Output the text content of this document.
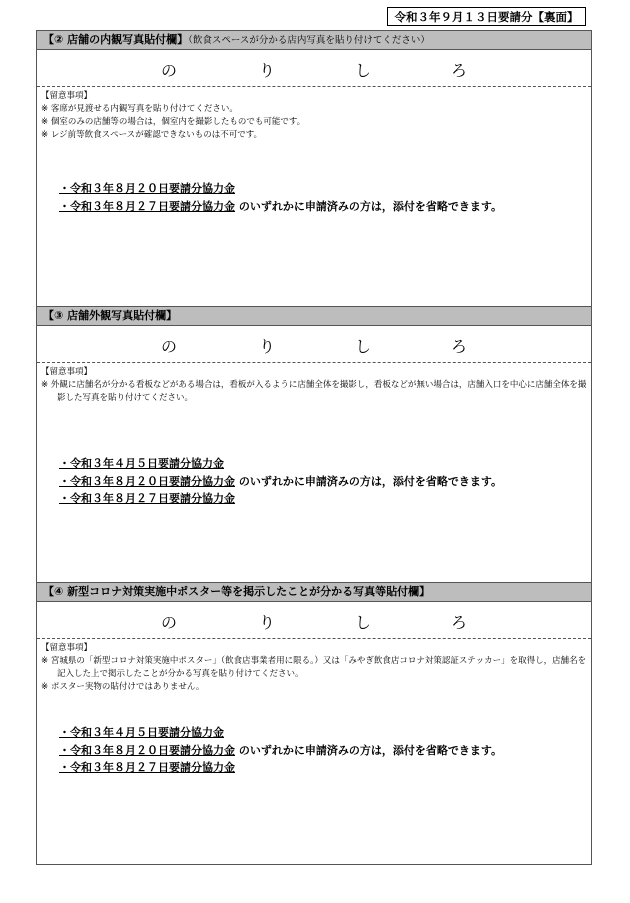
令和３年９月１３日要請分【裏面】
【② 店舗の内観写真貼付欄】（飲食スペースが分かる店内写真を貼り付けてください）
の	り	し	ろ
【留意事項】
※ 客席が見渡せる内観写真を貼り付けてください。
※ 個室のみの店舗等の場合は，個室内を撮影したものでも可能です。
※ レジ前等飲食スペースが確認できないものは不可です。
・令和３年８月２０日要請分協力金
・令和３年８月２７日要請分協力金 のいずれかに申請済みの方は，添付を省略できます。
【③ 店舗外観写真貼付欄】
の	り	し	ろ
【留意事項】
※ 外観に店舗名が分かる看板などがある場合は，看板が入るように店舗全体を撮影し，看板などが無い場合は，店舗入口を中心に店舗全体を撮影した写真を貼り付けてください。
・令和３年４月５日要請分協力金
・令和３年８月２０日要請分協力金 のいずれかに申請済みの方は，添付を省略できます。
・令和３年８月２７日要請分協力金
【④ 新型コロナ対策実施中ポスター等を掲示したことが分かる写真等貼付欄】
の	り	し	ろ
【留意事項】
※ 宮城県の「新型コロナ対策実施中ポスター」（飲食店事業者用に限る。）又は「みやぎ飲食店コロナ対策認証ステッカー」を取得し，店舗名を記入した上で掲示したことが分かる写真を貼り付けてください。
※ ポスター実物の貼付けではありません。
・令和３年４月５日要請分協力金
・令和３年８月２０日要請分協力金 のいずれかに申請済みの方は，添付を省略できます。
・令和３年８月２７日要請分協力金
